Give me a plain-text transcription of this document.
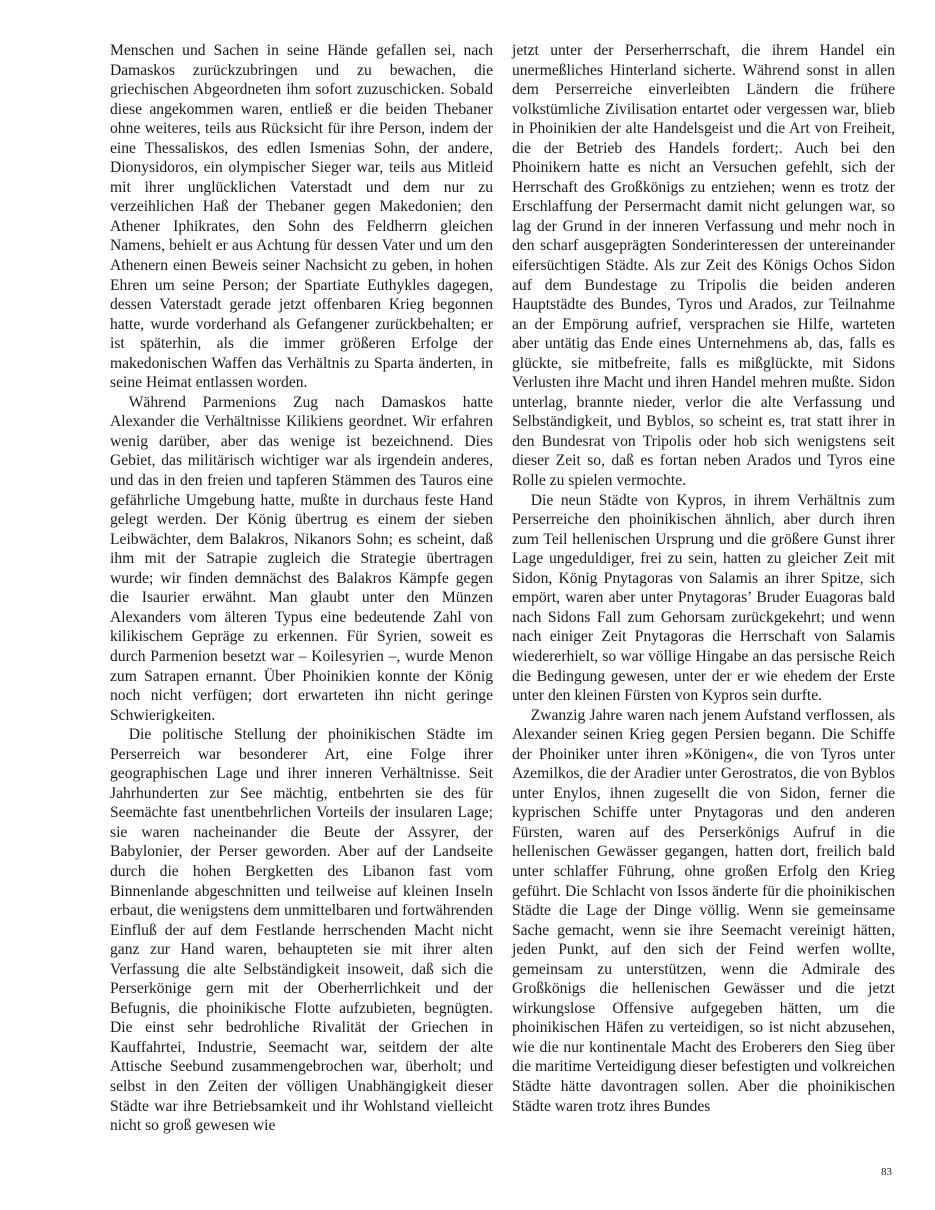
Menschen und Sachen in seine Hände gefallen sei, nach Damaskos zurückzubringen und zu bewachen, die griechischen Abgeordneten ihm sofort zuzuschicken. Sobald diese angekommen waren, entließ er die beiden Thebaner ohne weiteres, teils aus Rücksicht für ihre Person, indem der eine Thessaliskos, des edlen Ismenias Sohn, der andere, Dionysidoros, ein olympischer Sieger war, teils aus Mitleid mit ihrer unglücklichen Vaterstadt und dem nur zu verzeihlichen Haß der Thebaner gegen Makedonien; den Athener Iphikrates, den Sohn des Feldherrn gleichen Namens, behielt er aus Achtung für dessen Vater und um den Athenern einen Beweis seiner Nachsicht zu geben, in hohen Ehren um seine Person; der Spartiate Euthykles dagegen, dessen Vaterstadt gerade jetzt offenbaren Krieg begonnen hatte, wurde vorderhand als Gefangener zurückbehalten; er ist späterhin, als die immer größeren Erfolge der makedonischen Waffen das Verhältnis zu Sparta änderten, in seine Heimat entlassen worden.

Während Parmenions Zug nach Damaskos hatte Alexander die Verhältnisse Kilikiens geordnet. Wir erfahren wenig darüber, aber das wenige ist bezeichnend. Dies Gebiet, das militärisch wichtiger war als irgendein anderes, und das in den freien und tapferen Stämmen des Tauros eine gefährliche Umgebung hatte, mußte in durchaus feste Hand gelegt werden. Der König übertrug es einem der sieben Leibwächter, dem Balakros, Nikanors Sohn; es scheint, daß ihm mit der Satrapie zugleich die Strategie übertragen wurde; wir finden demnächst des Balakros Kämpfe gegen die Isaurier erwähnt. Man glaubt unter den Münzen Alexanders vom älteren Typus eine bedeutende Zahl von kilikischem Gepräge zu erkennen. Für Syrien, soweit es durch Parmenion besetzt war – Koilesyrien –, wurde Menon zum Satrapen ernannt. Über Phoinikien konnte der König noch nicht verfügen; dort erwarteten ihn nicht geringe Schwierigkeiten.

Die politische Stellung der phoinikischen Städte im Perserreich war besonderer Art, eine Folge ihrer geographischen Lage und ihrer inneren Verhältnisse. Seit Jahrhunderten zur See mächtig, entbehrten sie des für Seemächte fast unentbehrlichen Vorteils der insularen Lage; sie waren nacheinander die Beute der Assyrer, der Babylonier, der Perser geworden. Aber auf der Landseite durch die hohen Bergketten des Libanon fast vom Binnenlande abgeschnitten und teilweise auf kleinen Inseln erbaut, die wenigstens dem unmittelbaren und fortwährenden Einfluß der auf dem Festlande herrschenden Macht nicht ganz zur Hand waren, behaupteten sie mit ihrer alten Verfassung die alte Selbständigkeit insoweit, daß sich die Perserkönige gern mit der Oberherrlichkeit und der Befugnis, die phoinikische Flotte aufzubieten, begnügten. Die einst sehr bedrohliche Rivalität der Griechen in Kauffahrtei, Industrie, Seemacht war, seitdem der alte Attische Seebund zusammengebrochen war, überholt; und selbst in den Zeiten der völligen Unabhängigkeit dieser Städte war ihre Betriebsamkeit und ihr Wohlstand vielleicht nicht so groß gewesen wie

jetzt unter der Perserherrschaft, die ihrem Handel ein unermeßliches Hinterland sicherte. Während sonst in allen dem Perserreiche einverleibten Ländern die frühere volkstümliche Zivilisation entartet oder vergessen war, blieb in Phoinikien der alte Handelsgeist und die Art von Freiheit, die der Betrieb des Handels fordert;. Auch bei den Phoinikern hatte es nicht an Versuchen gefehlt, sich der Herrschaft des Großkönigs zu entziehen; wenn es trotz der Erschlaffung der Persermacht damit nicht gelungen war, so lag der Grund in der inneren Verfassung und mehr noch in den scharf ausgeprägten Sonderinteressen der untereinander eifersüchtigen Städte. Als zur Zeit des Königs Ochos Sidon auf dem Bundestage zu Tripolis die beiden anderen Hauptstädte des Bundes, Tyros und Arados, zur Teilnahme an der Empörung aufrief, versprachen sie Hilfe, warteten aber untätig das Ende eines Unternehmens ab, das, falls es glückte, sie mitbefreite, falls es mißglückte, mit Sidons Verlusten ihre Macht und ihren Handel mehren mußte. Sidon unterlag, brannte nieder, verlor die alte Verfassung und Selbständigkeit, und Byblos, so scheint es, trat statt ihrer in den Bundesrat von Tripolis oder hob sich wenigstens seit dieser Zeit so, daß es fortan neben Arados und Tyros eine Rolle zu spielen vermochte.

Die neun Städte von Kypros, in ihrem Verhältnis zum Perserreiche den phoinikischen ähnlich, aber durch ihren zum Teil hellenischen Ursprung und die größere Gunst ihrer Lage ungeduldiger, frei zu sein, hatten zu gleicher Zeit mit Sidon, König Pnytagoras von Salamis an ihrer Spitze, sich empört, waren aber unter Pnytagoras’ Bruder Euagoras bald nach Sidons Fall zum Gehorsam zurückgekehrt; und wenn nach einiger Zeit Pnytagoras die Herrschaft von Salamis wiedererhielt, so war völlige Hingabe an das persische Reich die Bedingung gewesen, unter der er wie ehedem der Erste unter den kleinen Fürsten von Kypros sein durfte.

Zwanzig Jahre waren nach jenem Aufstand verflossen, als Alexander seinen Krieg gegen Persien begann. Die Schiffe der Phoiniker unter ihren »Königen«, die von Tyros unter Azemilkos, die der Aradier unter Gerostratos, die von Byblos unter Enylos, ihnen zugesellt die von Sidon, ferner die kyprischen Schiffe unter Pnytagoras und den anderen Fürsten, waren auf des Perserkönigs Aufruf in die hellenischen Gewässer gegangen, hatten dort, freilich bald unter schlaffer Führung, ohne großen Erfolg den Krieg geführt. Die Schlacht von Issos änderte für die phoinikischen Städte die Lage der Dinge völlig. Wenn sie gemeinsame Sache gemacht, wenn sie ihre Seemacht vereinigt hätten, jeden Punkt, auf den sich der Feind werfen wollte, gemeinsam zu unterstützen, wenn die Admirale des Großkönigs die hellenischen Gewässer und die jetzt wirkungslose Offensive aufgegeben hätten, um die phoinikischen Häfen zu verteidigen, so ist nicht abzusehen, wie die nur kontinentale Macht des Eroberers den Sieg über die maritime Verteidigung dieser befestigten und volkreichen Städte hätte davontragen sollen. Aber die phoinikischen Städte waren trotz ihres Bundes

83
